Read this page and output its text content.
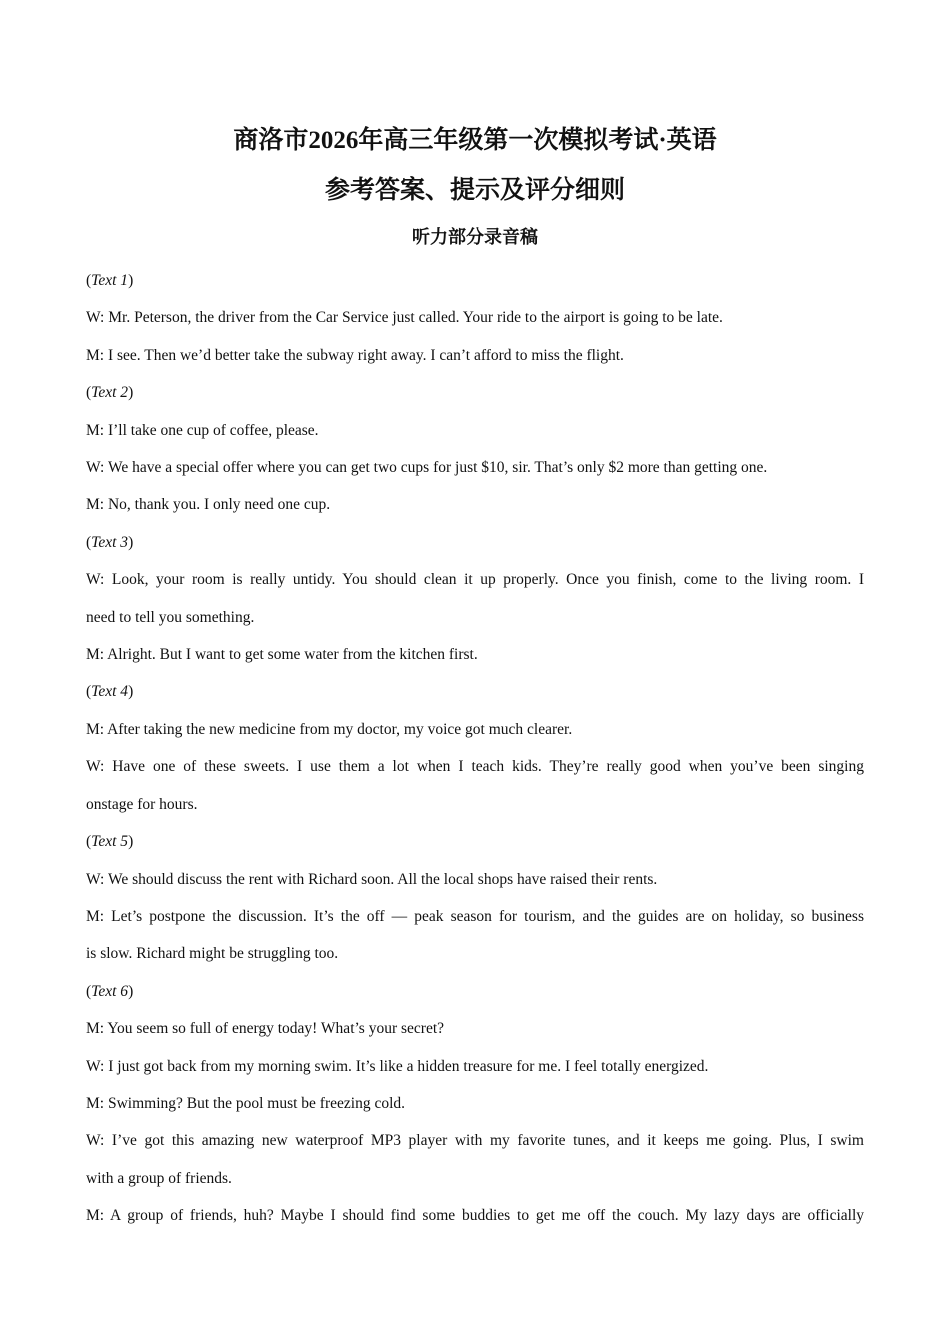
商洛市2026年高三年级第一次模拟考试·英语
参考答案、提示及评分细则
听力部分录音稿

(Text 1)

W: Mr. Peterson, the driver from the Car Service just called. Your ride to the airport is going to be late.

M: I see. Then we’d better take the subway right away. I can’t afford to miss the flight.

(Text 2)

M: I’ll take one cup of coffee, please.

W: We have a special offer where you can get two cups for just $10, sir. That’s only $2 more than getting one.

M: No, thank you. I only need one cup.

(Text 3)

W: Look, your room is really untidy. You should clean it up properly. Once you finish, come to the living room. I

need to tell you something.

M: Alright. But I want to get some water from the kitchen first.

(Text 4)

M: After taking the new medicine from my doctor, my voice got much clearer.

W: Have one of these sweets. I use them a lot when I teach kids. They’re really good when you’ve been singing

onstage for hours.

(Text 5)

W: We should discuss the rent with Richard soon. All the local shops have raised their rents.

M: Let’s postpone the discussion. It’s the off — peak season for tourism, and the guides are on holiday, so business

is slow. Richard might be struggling too.

(Text 6)

M: You seem so full of energy today! What’s your secret?

W: I just got back from my morning swim. It’s like a hidden treasure for me. I feel totally energized.

M: Swimming? But the pool must be freezing cold.

W: I’ve got this amazing new waterproof MP3 player with my favorite tunes, and it keeps me going. Plus, I swim

with a group of friends.

M: A group of friends, huh? Maybe I should find some buddies to get me off the couch. My lazy days are officially
